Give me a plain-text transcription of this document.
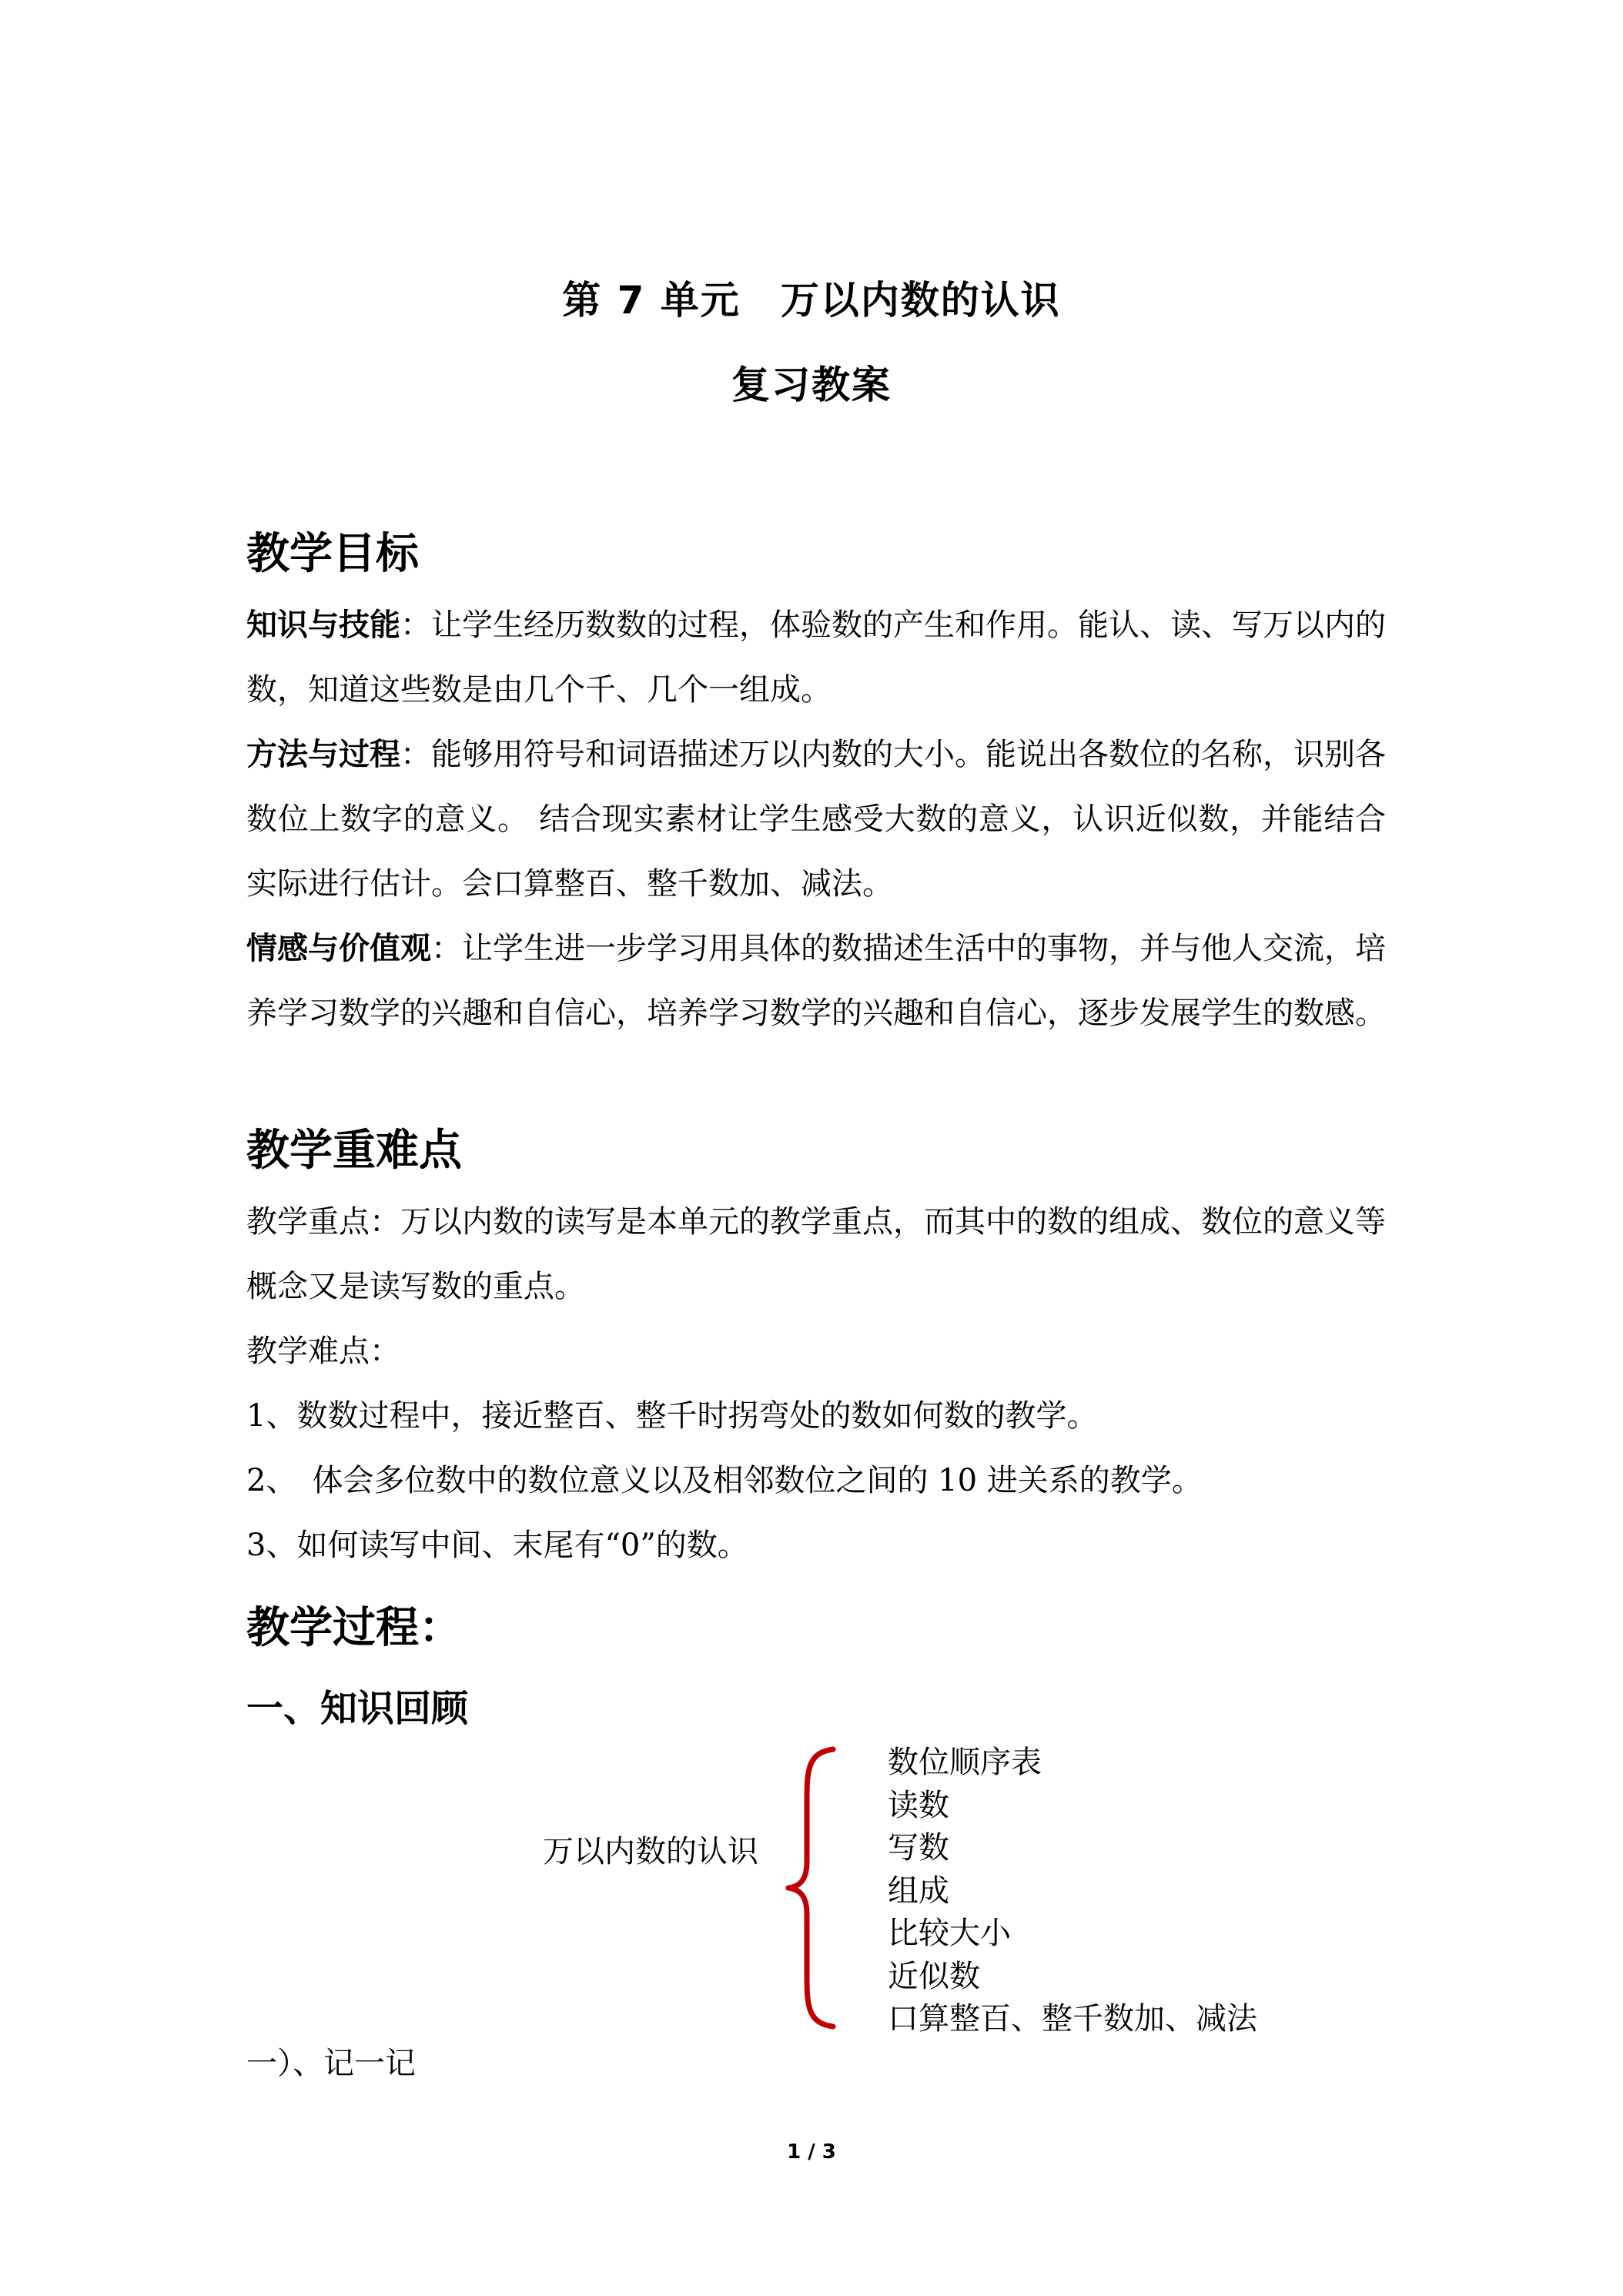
第 7 单元　万以内数的认识
复习教案
教学目标
知识与技能：让学生经历数数的过程，体验数的产生和作用。能认、读、写万以内的数，知道这些数是由几个千、几个一组成。
方法与过程：能够用符号和词语描述万以内数的大小。能说出各数位的名称，识别各数位上数字的意义。 结合现实素材让学生感受大数的意义，认识近似数，并能结合实际进行估计。会口算整百、整千数加、减法。
情感与价值观：让学生进一步学习用具体的数描述生活中的事物，并与他人交流，培养学习数学的兴趣和自信心，培养学习数学的兴趣和自信心，逐步发展学生的数感。
教学重难点
教学重点：万以内数的读写是本单元的教学重点，而其中的数的组成、数位的意义等概念又是读写数的重点。
教学难点：
1、数数过程中，接近整百、整千时拐弯处的数如何数的教学。
2、　体会多位数中的数位意义以及相邻数位之间的 10 进关系的教学。
3、如何读写中间、末尾有“0”的数。
教学过程：
一、知识回顾
万以内数的认识
数位顺序表
读数
写数
组成
比较大小
近似数
口算整百、整千数加、减法
一）、记一记
1 / 3
